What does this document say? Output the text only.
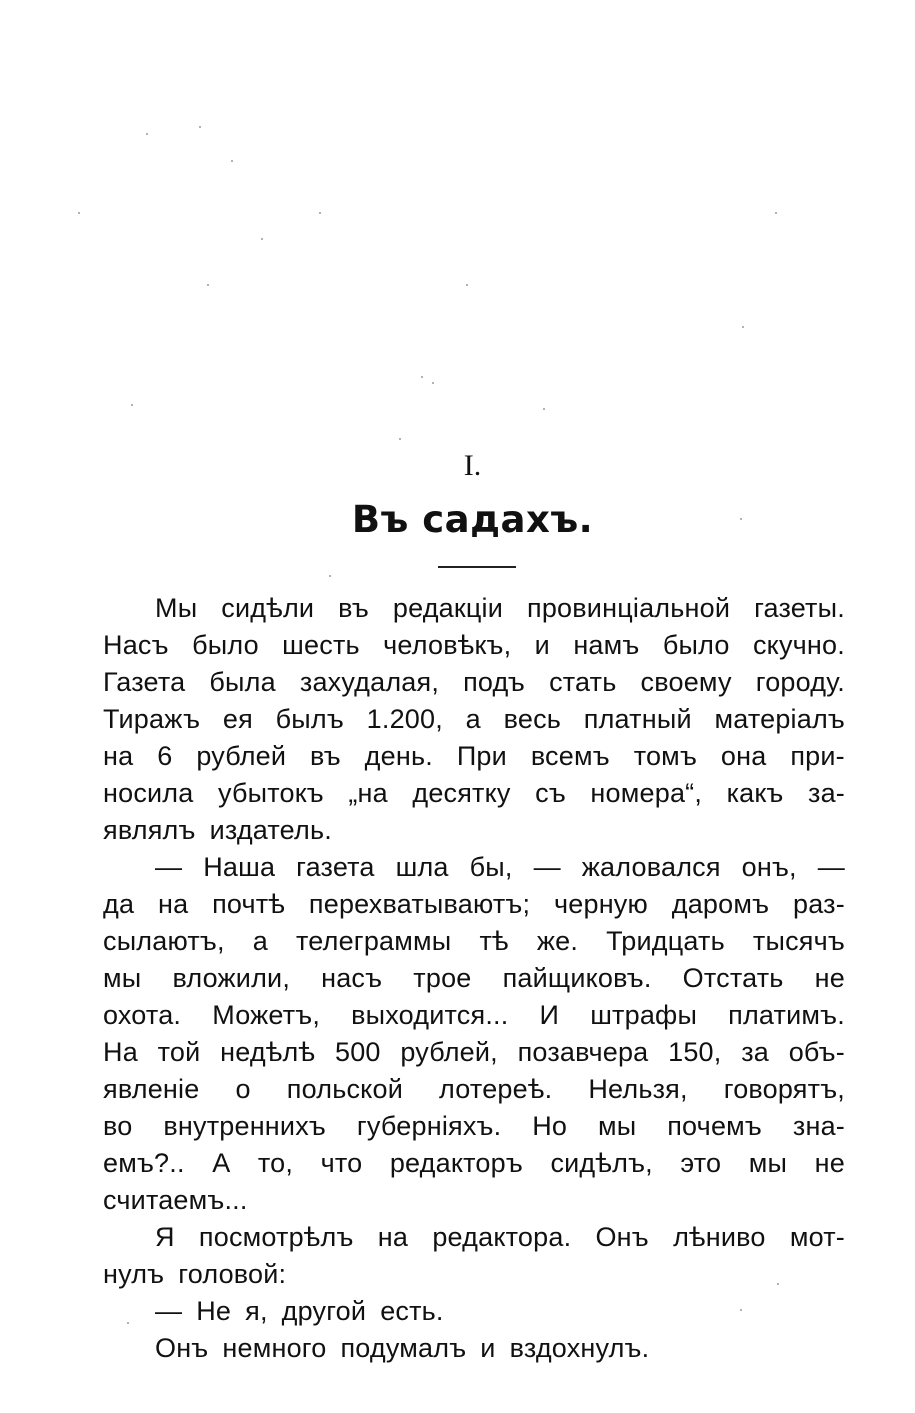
I.
Въ садахъ.
Мы сидѣли въ редакціи провинціальной газеты.
Насъ было шесть человѣкъ, и намъ было скучно.
Газета была захудалая, подъ стать своему городу.
Тиражъ ея былъ 1.200, а весь платный матеріалъ
на 6 рублей въ день. При всемъ томъ она при-
носила убытокъ „на десятку съ номера“, какъ за-
являлъ издатель.
— Наша газета шла бы, — жаловался онъ, —
да на почтѣ перехватываютъ; черную даромъ раз-
сылаютъ, а телеграммы тѣ же. Тридцать тысячъ
мы вложили, насъ трое пайщиковъ. Отстать не
охота. Можетъ, выходится... И штрафы платимъ.
На той недѣлѣ 500 рублей, позавчера 150, за объ-
явленіе о польской лотереѣ. Нельзя, говорятъ,
во внутреннихъ губерніяхъ. Но мы почемъ зна-
емъ?.. А то, что редакторъ сидѣлъ, это мы не
считаемъ...
Я посмотрѣлъ на редактора. Онъ лѣниво мот-
нулъ головой:
— Не я, другой есть.
Онъ немного подумалъ и вздохнулъ.
